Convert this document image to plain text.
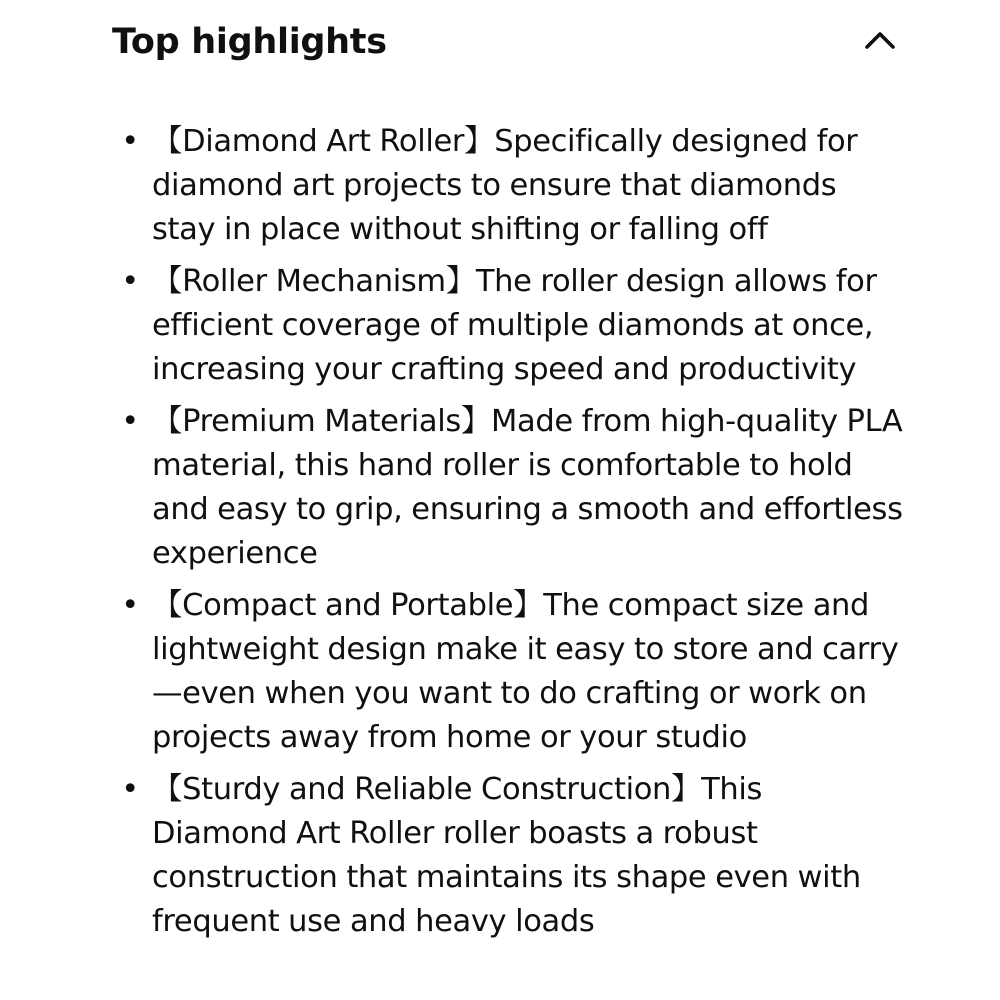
Top highlights
• 【Diamond Art Roller】Specifically designed for diamond art projects to ensure that diamonds stay in place without shifting or falling off
• 【Roller Mechanism】The roller design allows for efficient coverage of multiple diamonds at once, increasing your crafting speed and productivity
• 【Premium Materials】Made from high-quality PLA material, this hand roller is comfortable to hold and easy to grip, ensuring a smooth and effortless experience
• 【Compact and Portable】The compact size and lightweight design make it easy to store and carry—even when you want to do crafting or work on projects away from home or your studio
• 【Sturdy and Reliable Construction】This Diamond Art Roller roller boasts a robust construction that maintains its shape even with frequent use and heavy loads
